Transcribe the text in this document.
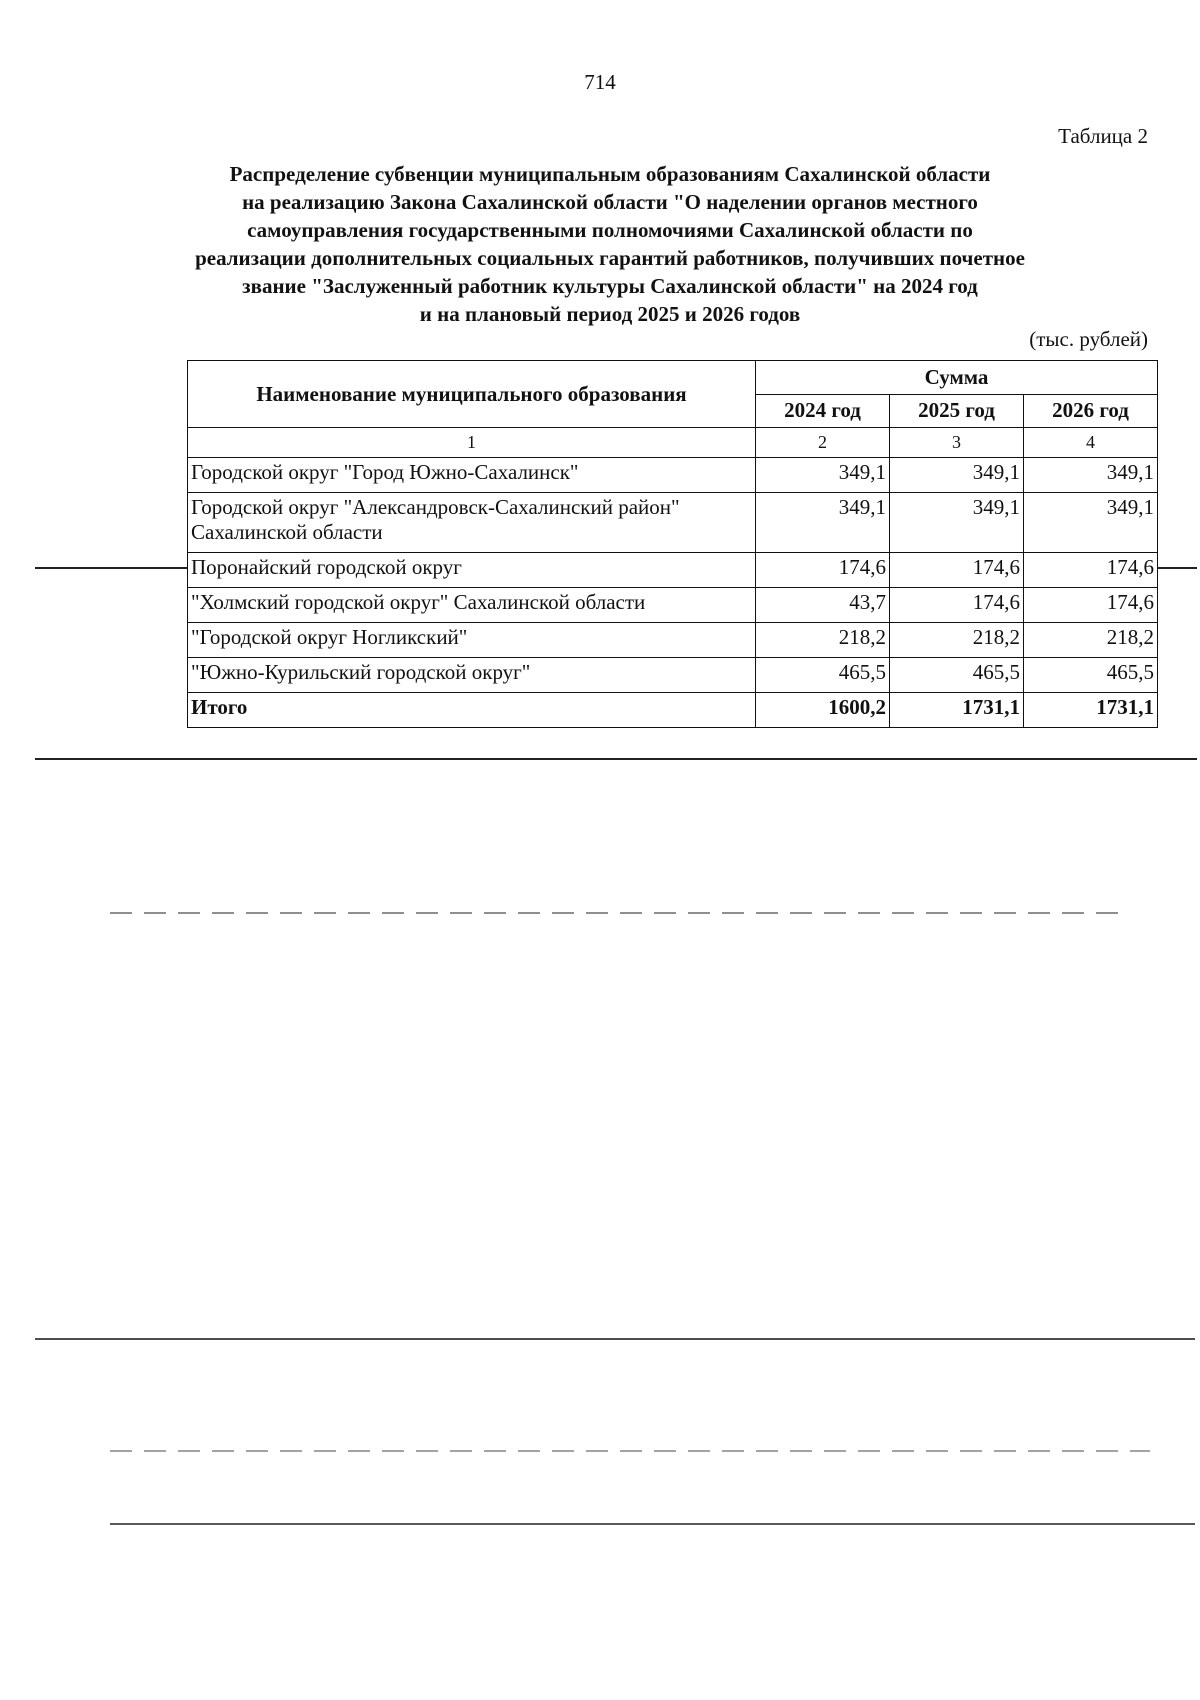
714
Таблица 2
Распределение субвенции муниципальным образованиям Сахалинской области
на реализацию Закона Сахалинской области "О наделении органов местного
самоуправления государственными полномочиями Сахалинской области по
реализации дополнительных социальных гарантий работников, получивших почетное
звание "Заслуженный работник культуры Сахалинской области" на 2024 год
и на плановый период 2025 и 2026 годов
(тыс. рублей)
Наименование муниципального образования	Сумма		
	2024 год	2025 год	2026 год
1	2	3	4
Городской округ "Город Южно-Сахалинск"	349,1	349,1	349,1
Городской округ "Александровск-Сахалинский район" Сахалинской области	349,1	349,1	349,1
Поронайский городской округ	174,6	174,6	174,6
"Холмский городской округ" Сахалинской области	43,7	174,6	174,6
"Городской округ Ногликский"	218,2	218,2	218,2
"Южно-Курильский городской округ"	465,5	465,5	465,5
Итого	1600,2	1731,1	1731,1
